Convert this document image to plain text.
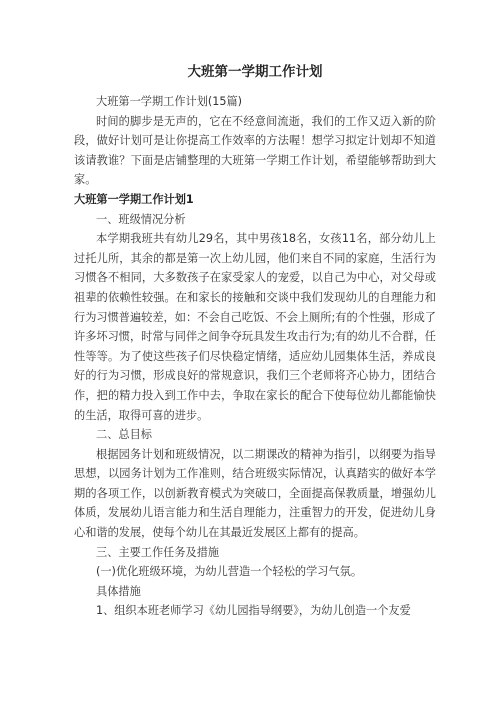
大班第一学期工作计划

大班第一学期工作计划(15篇)

时间的脚步是无声的，它在不经意间流逝，我们的工作又迈入新的阶段，做好计划可是让你提高工作效率的方法喔！想学习拟定计划却不知道该请教谁？下面是店铺整理的大班第一学期工作计划，希望能够帮助到大家。

大班第一学期工作计划1

一、班级情况分析

本学期我班共有幼儿29名，其中男孩18名，女孩11名，部分幼儿上过托儿所，其余的都是第一次上幼儿园，他们来自不同的家庭，生活行为习惯各不相同，大多数孩子在家受家人的宠爱，以自己为中心，对父母或祖辈的依赖性较强。在和家长的接触和交谈中我们发现幼儿的自理能力和行为习惯普遍较差，如：不会自己吃饭、不会上厕所;有的个性强，形成了许多坏习惯，时常与同伴之间争夺玩具发生攻击行为;有的幼儿不合群，任性等等。为了使这些孩子们尽快稳定情绪，适应幼儿园集体生活，养成良好的行为习惯，形成良好的常规意识，我们三个老师将齐心协力，团结合作，把的精力投入到工作中去，争取在家长的配合下使每位幼儿都能愉快的生活，取得可喜的进步。

二、总目标

根据园务计划和班级情况，以二期课改的精神为指引，以纲要为指导思想，以园务计划为工作准则，结合班级实际情况，认真踏实的做好本学期的各项工作，以创新教育模式为突破口，全面提高保教质量，增强幼儿体质，发展幼儿语言能力和生活自理能力，注重智力的开发，促进幼儿身心和谐的发展，使每个幼儿在其最近发展区上都有的提高。

三、主要工作任务及措施

(一)优化班级环境，为幼儿营造一个轻松的学习气氛。

具体措施

1、组织本班老师学习《幼儿园指导纲要》，为幼儿创造一个友爱
